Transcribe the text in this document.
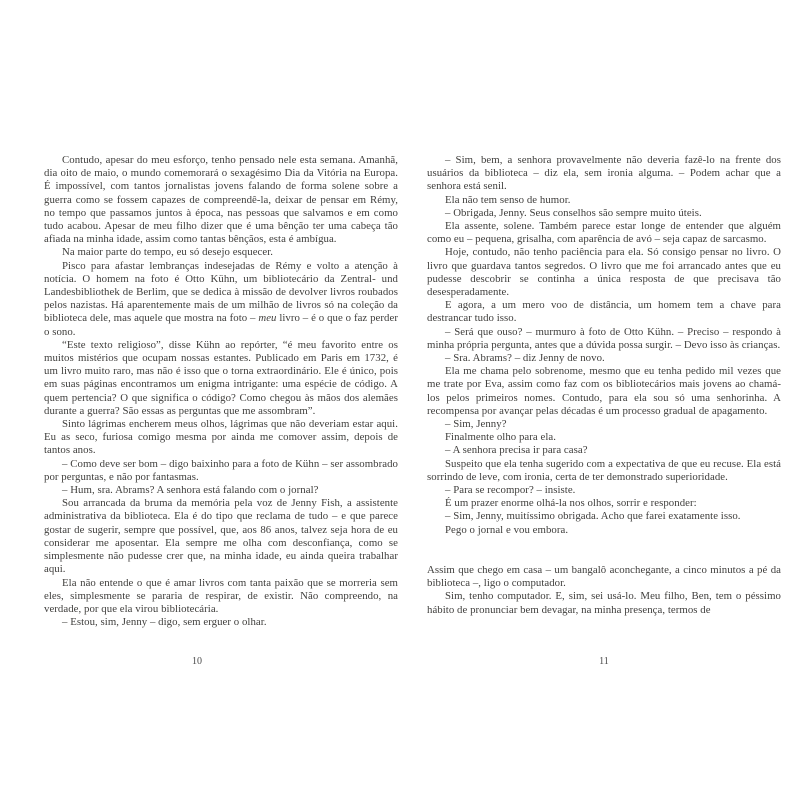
Contudo, apesar do meu esforço, tenho pensado nele esta semana. Amanhã, dia oito de maio, o mundo comemorará o sexagésimo Dia da Vitória na Europa. É impossível, com tantos jornalistas jovens falando de forma solene sobre a guerra como se fossem capazes de compreendê-la, deixar de pensar em Rémy, no tempo que passamos juntos à época, nas pessoas que salvamos e em como tudo acabou. Apesar de meu filho dizer que é uma bênção ter uma cabeça tão afiada na minha idade, assim como tantas bênçãos, esta é ambígua.

Na maior parte do tempo, eu só desejo esquecer.

Pisco para afastar lembranças indesejadas de Rémy e volto a atenção à notícia. O homem na foto é Otto Kühn, um bibliotecário da Zentral- und Landesbibliothek de Berlim, que se dedica à missão de devolver livros roubados pelos nazistas. Há aparentemente mais de um milhão de livros só na coleção da biblioteca dele, mas aquele que mostra na foto – meu livro – é o que o faz perder o sono.

“Este texto religioso”, disse Kühn ao repórter, “é meu favorito entre os muitos mistérios que ocupam nossas estantes. Publicado em Paris em 1732, é um livro muito raro, mas não é isso que o torna extraordinário. Ele é único, pois em suas páginas encontramos um enigma intrigante: uma espécie de código. A quem pertencia? O que significa o código? Como chegou às mãos dos alemães durante a guerra? São essas as perguntas que me assombram”.

Sinto lágrimas encherem meus olhos, lágrimas que não deveriam estar aqui. Eu as seco, furiosa comigo mesma por ainda me comover assim, depois de tantos anos.

– Como deve ser bom – digo baixinho para a foto de Kühn – ser assombrado por perguntas, e não por fantasmas.

– Hum, sra. Abrams? A senhora está falando com o jornal?

Sou arrancada da bruma da memória pela voz de Jenny Fish, a assistente administrativa da biblioteca. Ela é do tipo que reclama de tudo – e que parece gostar de sugerir, sempre que possível, que, aos 86 anos, talvez seja hora de eu considerar me aposentar. Ela sempre me olha com desconfiança, como se simplesmente não pudesse crer que, na minha idade, eu ainda queira trabalhar aqui.

Ela não entende o que é amar livros com tanta paixão que se morreria sem eles, simplesmente se pararia de respirar, de existir. Não compreendo, na verdade, por que ela virou bibliotecária.

– Estou, sim, Jenny – digo, sem erguer o olhar.

– Sim, bem, a senhora provavelmente não deveria fazê-lo na frente dos usuários da biblioteca – diz ela, sem ironia alguma. – Podem achar que a senhora está senil.

Ela não tem senso de humor.

– Obrigada, Jenny. Seus conselhos são sempre muito úteis.

Ela assente, solene. Também parece estar longe de entender que alguém como eu – pequena, grisalha, com aparência de avó – seja capaz de sarcasmo.

Hoje, contudo, não tenho paciência para ela. Só consigo pensar no livro. O livro que guardava tantos segredos. O livro que me foi arrancado antes que eu pudesse descobrir se continha a única resposta de que precisava tão desesperadamente.

E agora, a um mero voo de distância, um homem tem a chave para destrancar tudo isso.

– Será que ouso? – murmuro à foto de Otto Kühn. – Preciso – respondo à minha própria pergunta, antes que a dúvida possa surgir. – Devo isso às crianças.

– Sra. Abrams? – diz Jenny de novo.

Ela me chama pelo sobrenome, mesmo que eu tenha pedido mil vezes que me trate por Eva, assim como faz com os bibliotecários mais jovens ao chamá-los pelos primeiros nomes. Contudo, para ela sou só uma senhorinha. A recompensa por avançar pelas décadas é um processo gradual de apagamento.

– Sim, Jenny?

Finalmente olho para ela.

– A senhora precisa ir para casa?

Suspeito que ela tenha sugerido com a expectativa de que eu recuse. Ela está sorrindo de leve, com ironia, certa de ter demonstrado superioridade.

– Para se recompor? – insiste.

É um prazer enorme olhá-la nos olhos, sorrir e responder:

– Sim, Jenny, muitíssimo obrigada. Acho que farei exatamente isso.

Pego o jornal e vou embora.

Assim que chego em casa – um bangalô aconchegante, a cinco minutos a pé da biblioteca –, ligo o computador.

Sim, tenho computador. E, sim, sei usá-lo. Meu filho, Ben, tem o péssimo hábito de pronunciar bem devagar, na minha presença, termos de

10	11
